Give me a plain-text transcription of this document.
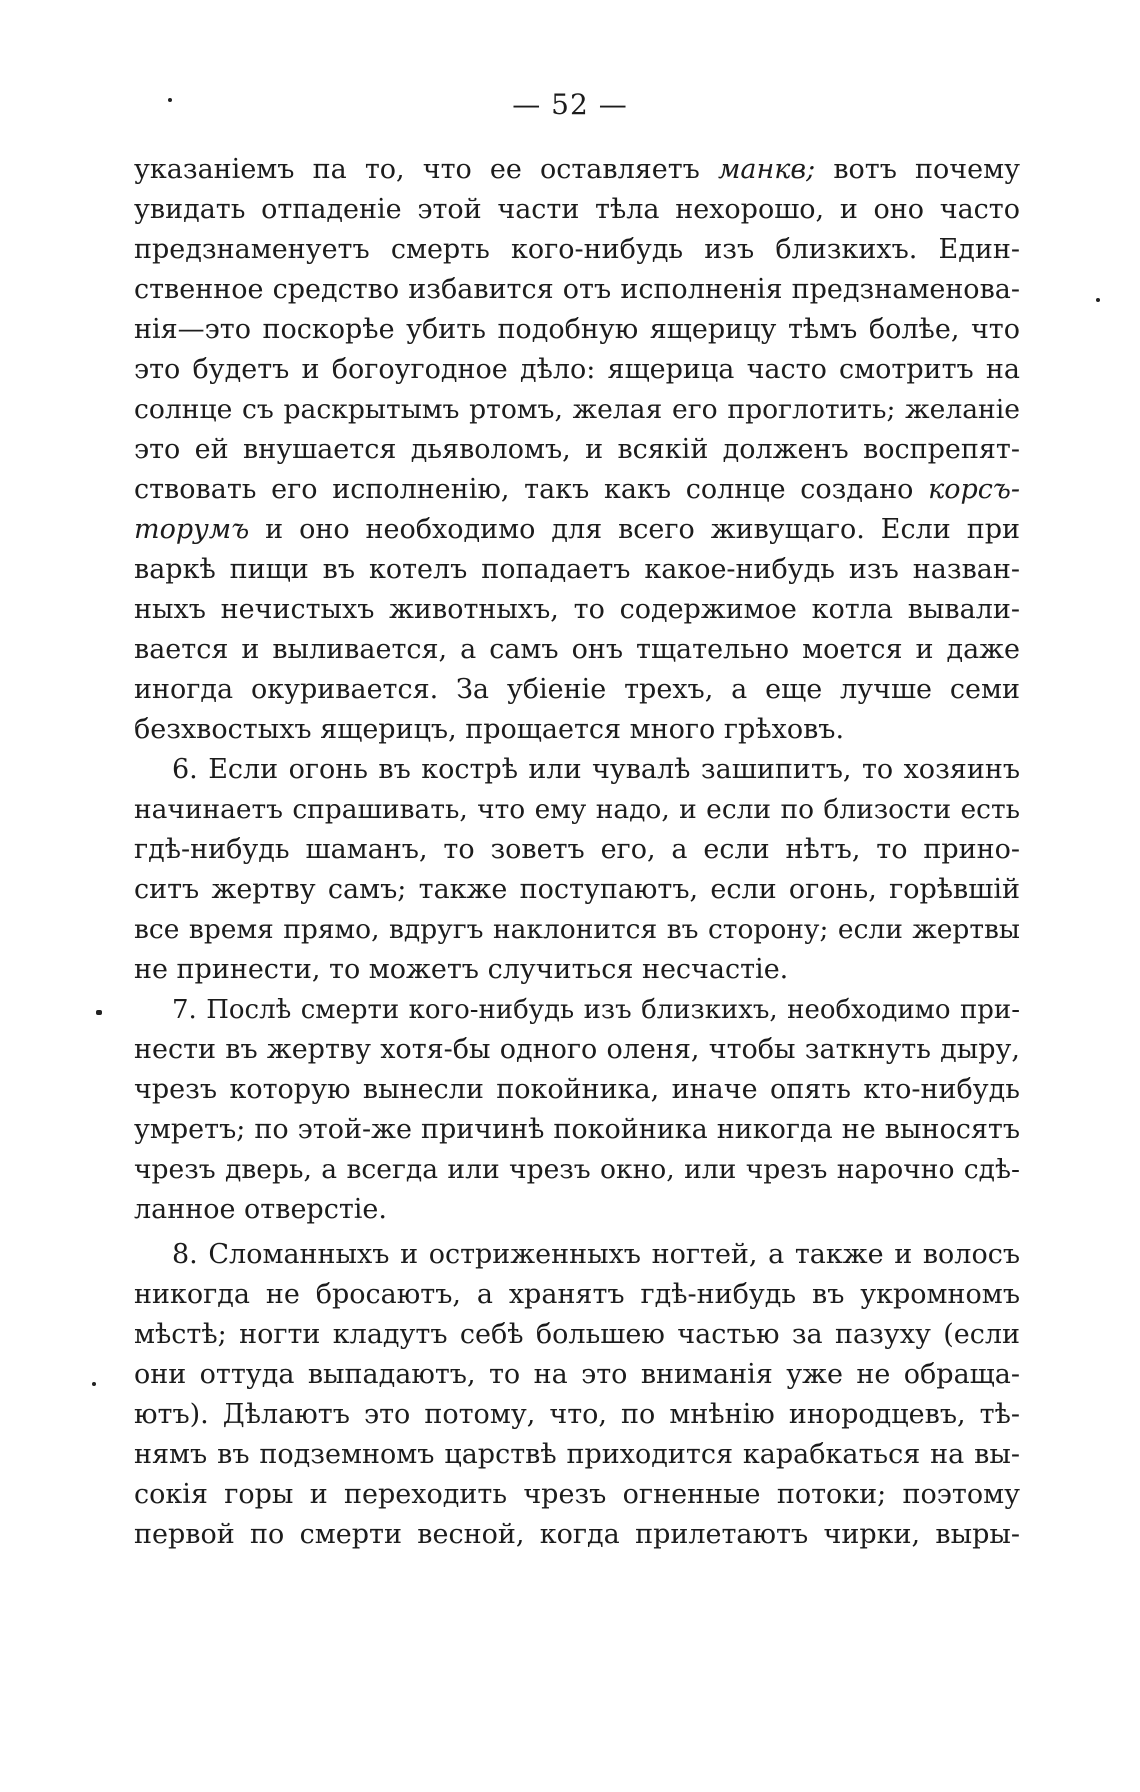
— 52 —
указаніемъ па то, что ее оставляетъ манкв; вотъ почему
увидать отпаденіе этой части тѣла нехорошо, и оно часто
предзнаменуетъ смерть кого-нибудь изъ близкихъ. Един-
ственное средство избавится отъ исполненія предзнаменова-
нія—это поскорѣе убить подобную ящерицу тѣмъ болѣе, что
это будетъ и богоугодное дѣло: ящерица часто смотритъ на
солнце съ раскрытымъ ртомъ, желая его проглотить; желаніе
это ей внушается дьяволомъ, и всякій долженъ воспрепят-
ствовать его исполненію, такъ какъ солнце создано корсъ-
торумъ и оно необходимо для всего живущаго. Если при
варкѣ пищи въ котелъ попадаетъ какое-нибудь изъ назван-
ныхъ нечистыхъ животныхъ, то содержимое котла вывали-
вается и выливается, а самъ онъ тщательно моется и даже
иногда окуривается. За убіеніе трехъ, а еще лучше семи
безхвостыхъ ящерицъ, прощается много грѣховъ.
6. Если огонь въ кострѣ или чувалѣ зашипитъ, то хозяинъ
начинаетъ спрашивать, что ему надо, и если по близости есть
гдѣ-нибудь шаманъ, то зоветъ его, а если нѣтъ, то прино-
ситъ жертву самъ; также поступаютъ, если огонь, горѣвшій
все время прямо, вдругъ наклонится въ сторону; если жертвы
не принести, то можетъ случиться несчастіе.
7. Послѣ смерти кого-нибудь изъ близкихъ, необходимо при-
нести въ жертву хотя-бы одного оленя, чтобы заткнуть дыру,
чрезъ которую вынесли покойника, иначе опять кто-нибудь
умретъ; по этой-же причинѣ покойника никогда не выносятъ
чрезъ дверь, а всегда или чрезъ окно, или чрезъ нарочно сдѣ-
ланное отверстіе.
8. Сломанныхъ и остриженныхъ ногтей, а также и волосъ
никогда не бросаютъ, а хранятъ гдѣ-нибудь въ укромномъ
мѣстѣ; ногти кладутъ себѣ большею частью за пазуху (если
они оттуда выпадаютъ, то на это вниманія уже не обраща-
ютъ). Дѣлаютъ это потому, что, по мнѣнію инородцевъ, тѣ-
нямъ въ подземномъ царствѣ приходится карабкаться на вы-
сокія горы и переходить чрезъ огненные потоки; поэтому
первой по смерти весной, когда прилетаютъ чирки, выры-
